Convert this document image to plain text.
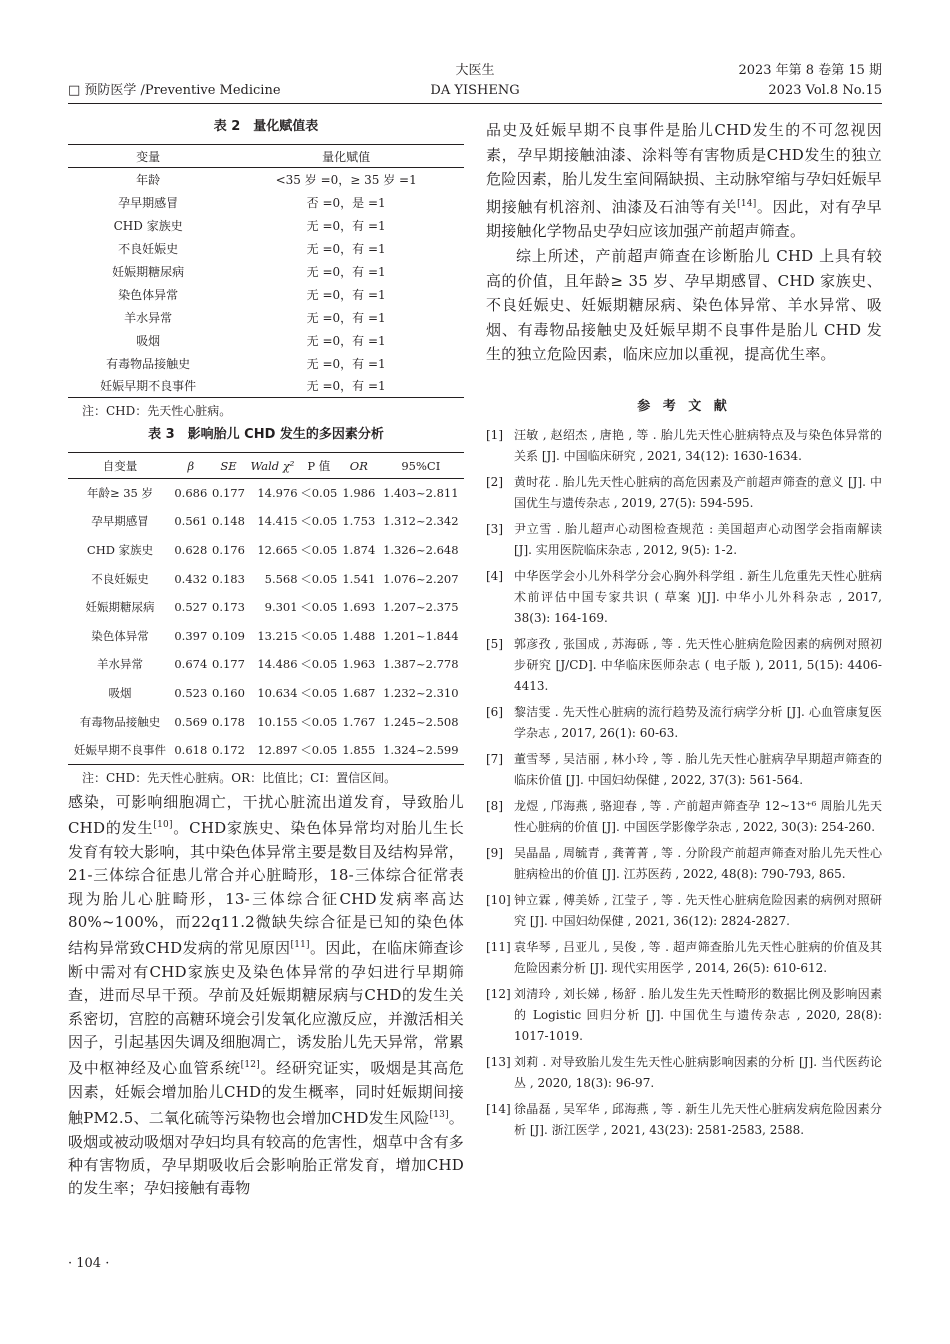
大医生	2023 年第 8 卷第 15 期
□ 预防医学 /Preventive Medicine	DA YISHENG	2023 Vol.8 No.15
表 2　量化赋值表
变量	量化赋值
年龄	<35 岁 =0，≥ 35 岁 =1
孕早期感冒	否 =0，是 =1
CHD 家族史	无 =0，有 =1
不良妊娠史	无 =0，有 =1
妊娠期糖尿病	无 =0，有 =1
染色体异常	无 =0，有 =1
羊水异常	无 =0，有 =1
吸烟	无 =0，有 =1
有毒物品接触史	无 =0，有 =1
妊娠早期不良事件	无 =0，有 =1
注：CHD：先天性心脏病。
表 3　影响胎儿 CHD 发生的多因素分析
自变量	β	SE	Wald χ²	P 值	OR	95%CI
年龄≥ 35 岁	0.686	0.177	14.976	＜0.05	1.986	1.403~2.811
孕早期感冒	0.561	0.148	14.415	＜0.05	1.753	1.312~2.342
CHD 家族史	0.628	0.176	12.665	＜0.05	1.874	1.326~2.648
不良妊娠史	0.432	0.183	5.568	＜0.05	1.541	1.076~2.207
妊娠期糖尿病	0.527	0.173	9.301	＜0.05	1.693	1.207~2.375
染色体异常	0.397	0.109	13.215	＜0.05	1.488	1.201~1.844
羊水异常	0.674	0.177	14.486	＜0.05	1.963	1.387~2.778
吸烟	0.523	0.160	10.634	＜0.05	1.687	1.232~2.310
有毒物品接触史	0.569	0.178	10.155	＜0.05	1.767	1.245~2.508
妊娠早期不良事件	0.618	0.172	12.897	＜0.05	1.855	1.324~2.599
注：CHD：先天性心脏病。OR：比值比；CI：置信区间。
感染，可影响细胞凋亡，干扰心脏流出道发育，导致胎儿CHD的发生[10]。CHD家族史、染色体异常均对胎儿生长发育有较大影响，其中染色体异常主要是数目及结构异常，21-三体综合征患儿常合并心脏畸形，18-三体综合征常表现为胎儿心脏畸形，13-三体综合征CHD发病率高达80%~100%，而22q11.2微缺失综合征是已知的染色体结构异常致CHD发病的常见原因[11]。因此，在临床筛查诊断中需对有CHD家族史及染色体异常的孕妇进行早期筛查，进而尽早干预。孕前及妊娠期糖尿病与CHD的发生关系密切，宫腔的高糖环境会引发氧化应激反应，并激活相关因子，引起基因失调及细胞凋亡，诱发胎儿先天异常，常累及中枢神经及心血管系统[12]。经研究证实，吸烟是其高危因素，妊娠会增加胎儿CHD的发生概率，同时妊娠期间接触PM2.5、二氧化硫等污染物也会增加CHD发生风险[13]。吸烟或被动吸烟对孕妇均具有较高的危害性，烟草中含有多种有害物质，孕早期吸收后会影响胎正常发育，增加CHD的发生率；孕妇接触有毒物
品史及妊娠早期不良事件是胎儿CHD发生的不可忽视因素，孕早期接触油漆、涂料等有害物质是CHD发生的独立危险因素，胎儿发生室间隔缺损、主动脉窄缩与孕妇妊娠早期接触有机溶剂、油漆及石油等有关[14]。因此，对有孕早期接触化学物品史孕妇应该加强产前超声筛查。
综上所述，产前超声筛查在诊断胎儿 CHD 上具有较高的价值，且年龄≥ 35 岁、孕早期感冒、CHD 家族史、不良妊娠史、妊娠期糖尿病、染色体异常、羊水异常、吸烟、有毒物品接触史及妊娠早期不良事件是胎儿 CHD 发生的独立危险因素，临床应加以重视，提高优生率。
参 考 文 献
[1] 汪敏 , 赵绍杰 , 唐艳 , 等 . 胎儿先天性心脏病特点及与染色体异常的关系 [J]. 中国临床研究 , 2021, 34(12): 1630-1634.
[2] 黄时花 . 胎儿先天性心脏病的高危因素及产前超声筛查的意义 [J]. 中国优生与遗传杂志 , 2019, 27(5): 594-595.
[3] 尹立雪 . 胎儿超声心动图检查规范 : 美国超声心动图学会指南解读 [J]. 实用医院临床杂志 , 2012, 9(5): 1-2.
[4] 中华医学会小儿外科学分会心胸外科学组 . 新生儿危重先天性心脏病术前评估中国专家共识 ( 草案 )[J]. 中华小儿外科杂志 , 2017, 38(3): 164-169.
[5] 郭彦孜 , 张国成 , 苏海砾 , 等 . 先天性心脏病危险因素的病例对照初步研究 [J/CD]. 中华临床医师杂志 ( 电子版 ), 2011, 5(15): 4406-4413.
[6] 黎洁雯 . 先天性心脏病的流行趋势及流行病学分析 [J]. 心血管康复医学杂志 , 2017, 26(1): 60-63.
[7] 董雪琴 , 吴洁丽 , 林小玲 , 等 . 胎儿先天性心脏病孕早期超声筛查的临床价值 [J]. 中国妇幼保健 , 2022, 37(3): 561-564.
[8] 龙煜 , 邝海燕 , 骆迎春 , 等 . 产前超声筛查孕 12~13⁺⁶ 周胎儿先天性心脏病的价值 [J]. 中国医学影像学杂志 , 2022, 30(3): 254-260.
[9] 吴晶晶 , 周毓青 , 龚菁菁 , 等 . 分阶段产前超声筛查对胎儿先天性心脏病检出的价值 [J]. 江苏医药 , 2022, 48(8): 790-793, 865.
[10] 钟立霖 , 傅美娇 , 江莹子 , 等 . 先天性心脏病危险因素的病例对照研究 [J]. 中国妇幼保健 , 2021, 36(12): 2824-2827.
[11] 袁华琴 , 吕亚儿 , 吴俊 , 等 . 超声筛查胎儿先天性心脏病的价值及其危险因素分析 [J]. 现代实用医学 , 2014, 26(5): 610-612.
[12] 刘清玲 , 刘长娣 , 杨舒 . 胎儿发生先天性畸形的数据比例及影响因素的 Logistic 回归分析 [J]. 中国优生与遗传杂志 , 2020, 28(8): 1017-1019.
[13] 刘莉 . 对导致胎儿发生先天性心脏病影响因素的分析 [J]. 当代医药论丛 , 2020, 18(3): 96-97.
[14] 徐晶磊 , 吴军华 , 邱海燕 , 等 . 新生儿先天性心脏病发病危险因素分析 [J]. 浙江医学 , 2021, 43(23): 2581-2583, 2588.
· 104 ·
